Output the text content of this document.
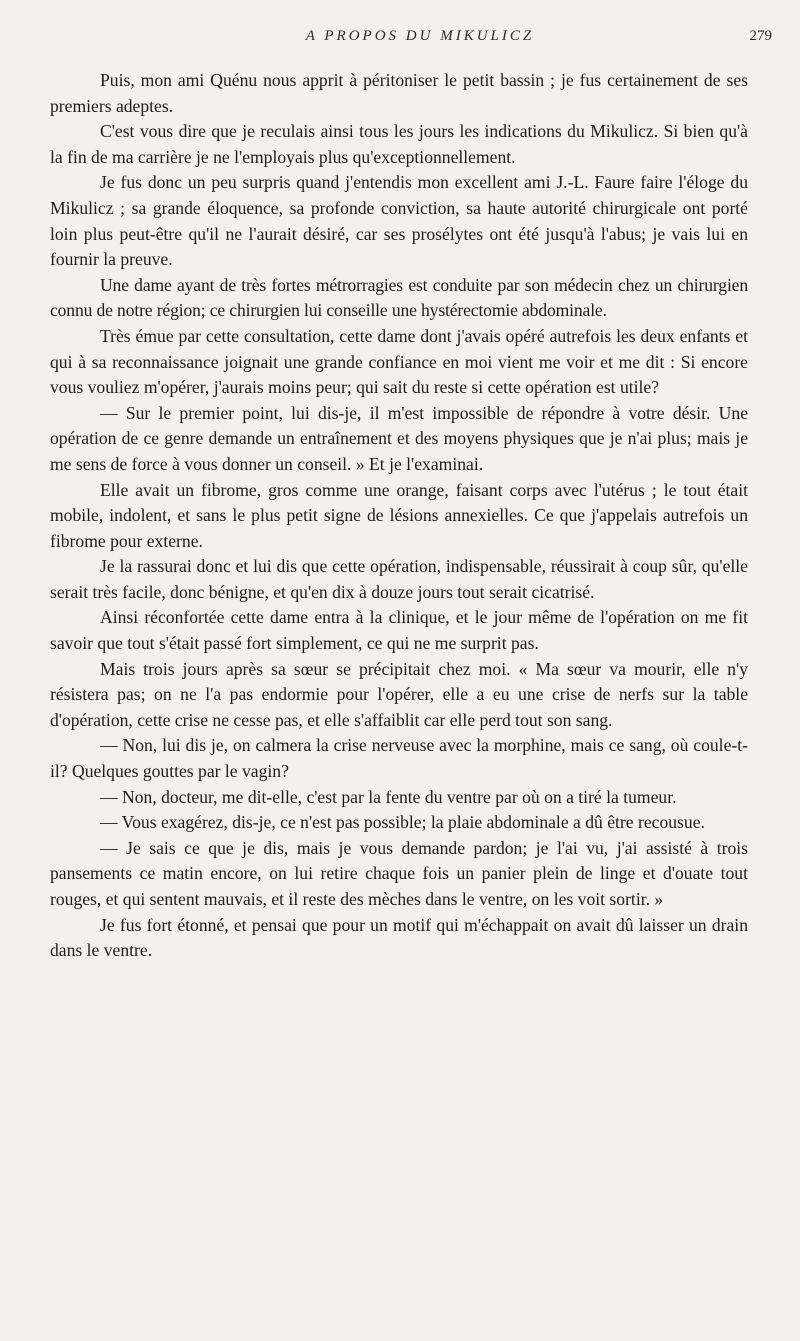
A PROPOS DU MIKULICZ	279

Puis, mon ami Quénu nous apprit à péritoniser le petit bassin ; je fus certainement de ses premiers adeptes.

C'est vous dire que je reculais ainsi tous les jours les indications du Mikulicz. Si bien qu'à la fin de ma carrière je ne l'employais plus qu'exceptionnellement.

Je fus donc un peu surpris quand j'entendis mon excellent ami J.-L. Faure faire l'éloge du Mikulicz ; sa grande éloquence, sa profonde conviction, sa haute autorité chirurgicale ont porté loin plus peut-être qu'il ne l'aurait désiré, car ses prosélytes ont été jusqu'à l'abus; je vais lui en fournir la preuve.

Une dame ayant de très fortes métrorragies est conduite par son médecin chez un chirurgien connu de notre région; ce chirurgien lui conseille une hystérectomie abdominale.

Très émue par cette consultation, cette dame dont j'avais opéré autrefois les deux enfants et qui à sa reconnaissance joignait une grande confiance en moi vient me voir et me dit : Si encore vous vouliez m'opérer, j'aurais moins peur; qui sait du reste si cette opération est utile?

— Sur le premier point, lui dis-je, il m'est impossible de répondre à votre désir. Une opération de ce genre demande un entraînement et des moyens physiques que je n'ai plus; mais je me sens de force à vous donner un conseil. » Et je l'examinai.

Elle avait un fibrome, gros comme une orange, faisant corps avec l'utérus ; le tout était mobile, indolent, et sans le plus petit signe de lésions annexielles. Ce que j'appelais autrefois un fibrome pour externe.

Je la rassurai donc et lui dis que cette opération, indispensable, réussirait à coup sûr, qu'elle serait très facile, donc bénigne, et qu'en dix à douze jours tout serait cicatrisé.

Ainsi réconfortée cette dame entra à la clinique, et le jour même de l'opération on me fit savoir que tout s'était passé fort simplement, ce qui ne me surprit pas.

Mais trois jours après sa sœur se précipitait chez moi. « Ma sœur va mourir, elle n'y résistera pas; on ne l'a pas endormie pour l'opérer, elle a eu une crise de nerfs sur la table d'opération, cette crise ne cesse pas, et elle s'affaiblit car elle perd tout son sang.

— Non, lui dis je, on calmera la crise nerveuse avec la morphine, mais ce sang, où coule-t-il? Quelques gouttes par le vagin?

— Non, docteur, me dit-elle, c'est par la fente du ventre par où on a tiré la tumeur.

— Vous exagérez, dis-je, ce n'est pas possible; la plaie abdominale a dû être recousue.

— Je sais ce que je dis, mais je vous demande pardon; je l'ai vu, j'ai assisté à trois pansements ce matin encore, on lui retire chaque fois un panier plein de linge et d'ouate tout rouges, et qui sentent mauvais, et il reste des mèches dans le ventre, on les voit sortir. »

Je fus fort étonné, et pensai que pour un motif qui m'échappait on avait dû laisser un drain dans le ventre.
